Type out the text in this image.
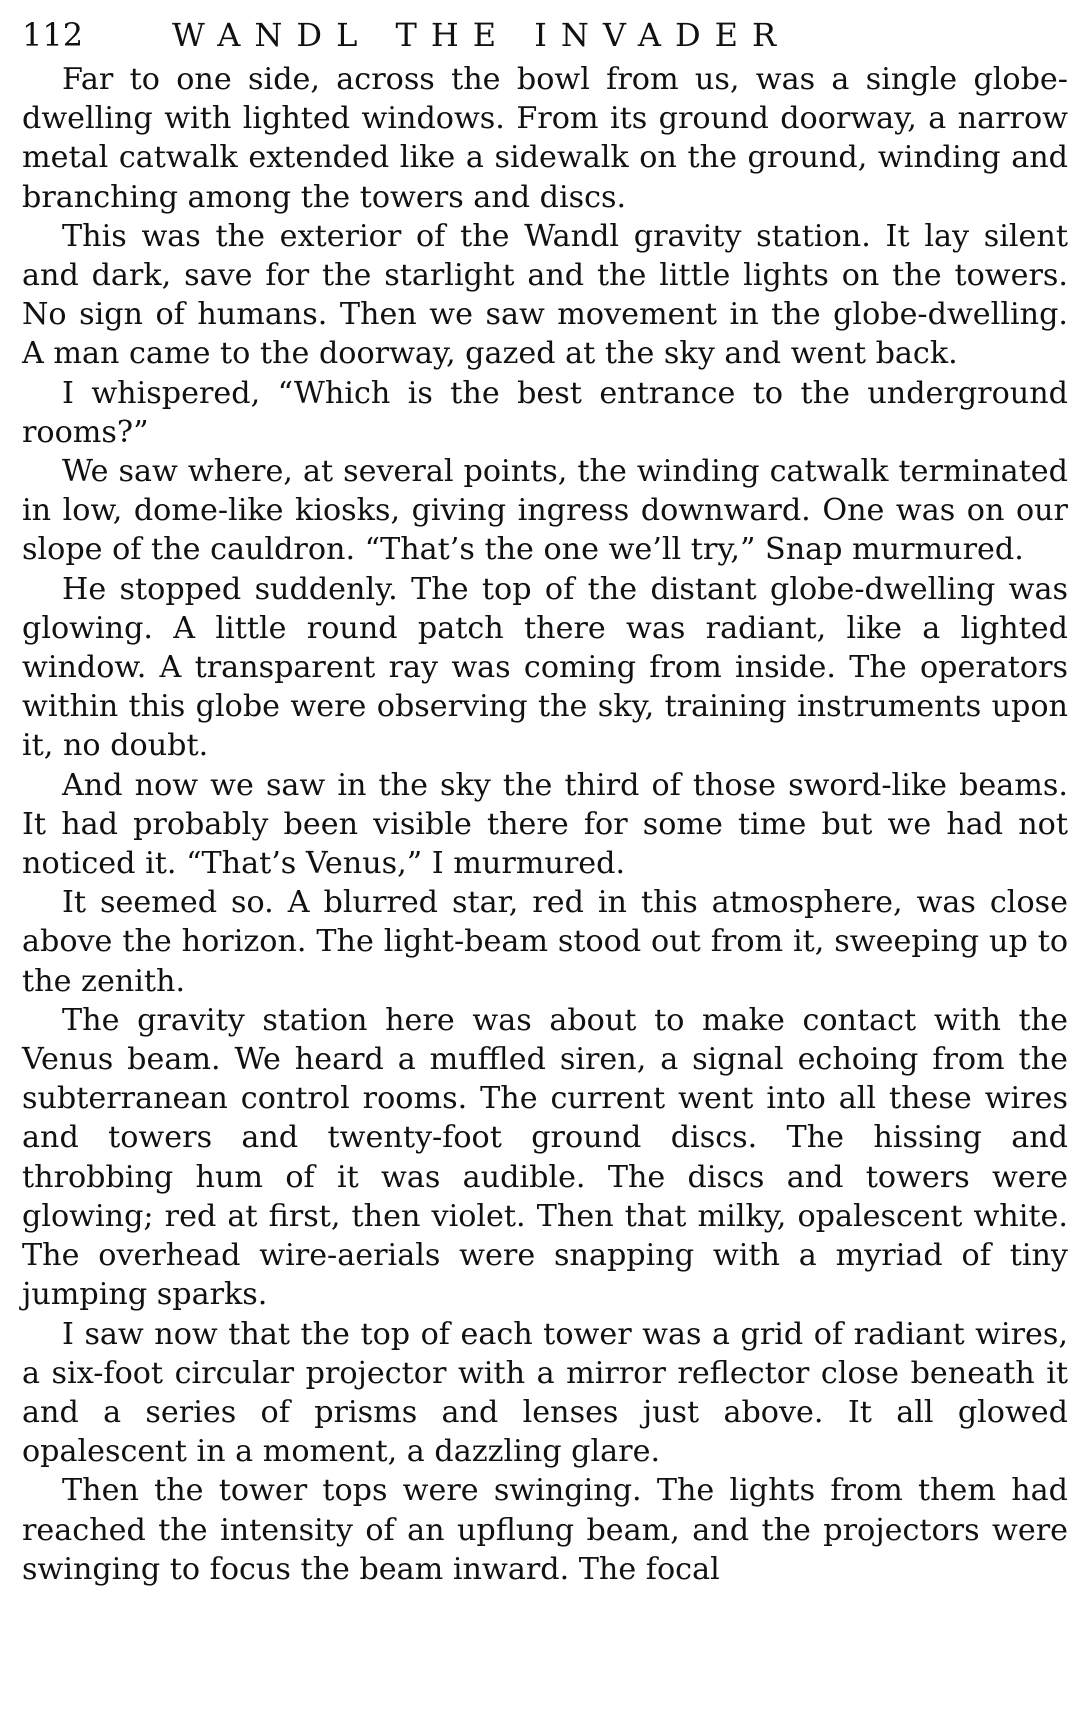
112	WANDL THE INVADER

Far to one side, across the bowl from us, was a single globe-dwelling with lighted windows. From its ground doorway, a narrow metal catwalk extended like a sidewalk on the ground, winding and branching among the towers and discs.

This was the exterior of the Wandl gravity station. It lay silent and dark, save for the starlight and the little lights on the towers. No sign of humans. Then we saw movement in the globe-dwelling. A man came to the doorway, gazed at the sky and went back.

I whispered, “Which is the best entrance to the underground rooms?”

We saw where, at several points, the winding catwalk terminated in low, dome-like kiosks, giving ingress downward. One was on our slope of the cauldron. “That’s the one we’ll try,” Snap murmured.

He stopped suddenly. The top of the distant globe-dwelling was glowing. A little round patch there was radiant, like a lighted window. A transparent ray was coming from inside. The operators within this globe were observing the sky, training instruments upon it, no doubt.

And now we saw in the sky the third of those sword-like beams. It had probably been visible there for some time but we had not noticed it. “That’s Venus,” I murmured.

It seemed so. A blurred star, red in this atmosphere, was close above the horizon. The light-beam stood out from it, sweeping up to the zenith.

The gravity station here was about to make contact with the Venus beam. We heard a muffled siren, a signal echoing from the subterranean control rooms. The current went into all these wires and towers and twenty-foot ground discs. The hissing and throbbing hum of it was audible. The discs and towers were glowing; red at first, then violet. Then that milky, opalescent white. The overhead wire-aerials were snapping with a myriad of tiny jumping sparks.

I saw now that the top of each tower was a grid of radiant wires, a six-foot circular projector with a mirror reflector close beneath it and a series of prisms and lenses just above. It all glowed opalescent in a moment, a dazzling glare.

Then the tower tops were swinging. The lights from them had reached the intensity of an upflung beam, and the projectors were swinging to focus the beam inward. The focal
